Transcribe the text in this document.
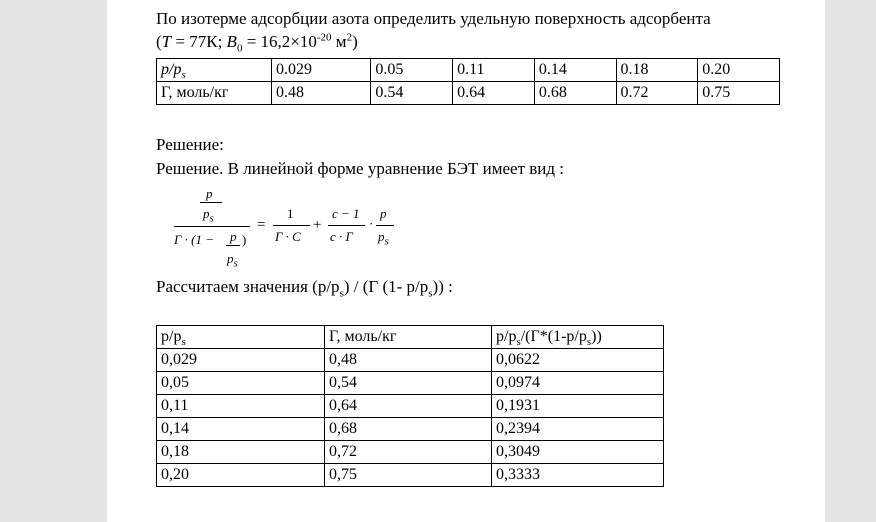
По изотерме адсорбции азота определить удельную поверхность адсорбента
(T = 77К; $B_0 = 16,2\times 10^{-20}$ $м^2$)
$p/p_s$	0.029	0.05	0.11	0.14	0.18	0.20
Г, моль/кг	0.48	0.54	0.64	0.68	0.72	0.75
Решение:
Решение. В линейной форме уравнение БЭТ имеет вид :
p
$p_s$
Г · (1 − p )
$p_s$
=
1
Г · C
+
c − 1
c · Г
·
p
$p_s$
Рассчитаем значения $(p/p_s) / (Г$ (1- $p/p_s$)) :
$p/p_s$	Г, моль/кг	$p/p_s/(Г*(1-p/p_s))$
0,029	0,48	0,0622
0,05	0,54	0,0974
0,11	0,64	0,1931
0,14	0,68	0,2394
0,18	0,72	0,3049
0,20	0,75	0,3333
